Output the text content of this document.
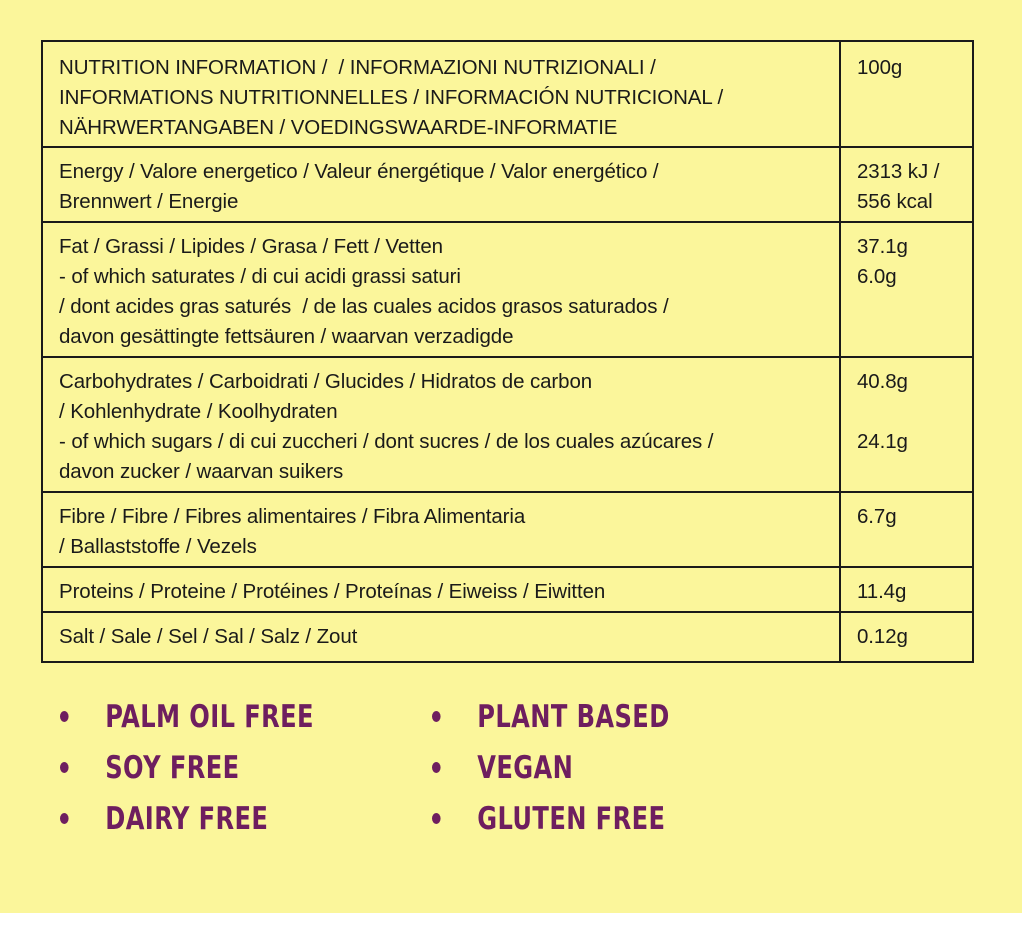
NUTRITION INFORMATION /  / INFORMAZIONI NUTRIZIONALI /
INFORMATIONS NUTRITIONNELLES / INFORMACIÓN NUTRICIONAL /
NÄHRWERTANGABEN / VOEDINGSWAARDE-INFORMATIE	100g

Energy / Valore energetico / Valeur énergétique / Valor energético /
Brennwert / Energie	2313 kJ /
556 kcal

Fat / Grassi / Lipides / Grasa / Fett / Vetten
- of which saturates / di cui acidi grassi saturi
/ dont acides gras saturés  / de las cuales acidos grasos saturados /
davon gesättingte fettsäuren / waarvan verzadigde	37.1g
6.0g

Carbohydrates / Carboidrati / Glucides / Hidratos de carbon
/ Kohlenhydrate / Koolhydraten
- of which sugars / di cui zuccheri / dont sucres / de los cuales azúcares /
davon zucker / waarvan suikers	40.8g

24.1g

Fibre / Fibre / Fibres alimentaires / Fibra Alimentaria
/ Ballaststoffe / Vezels	6.7g

Proteins / Proteine / Protéines / Proteínas / Eiweiss / Eiwitten	11.4g

Salt / Sale / Sel / Sal / Salz / Zout	0.12g
PALM OIL FREE
SOY FREE
DAIRY FREE
PLANT BASED
VEGAN
GLUTEN FREE
